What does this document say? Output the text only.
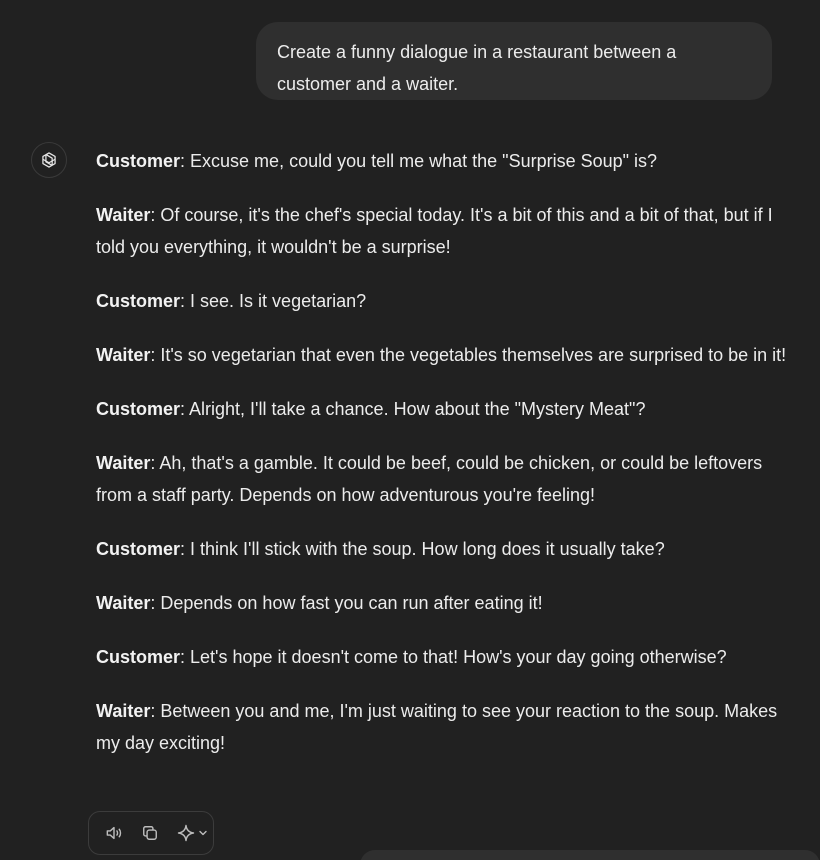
Create a funny dialogue in a restaurant between a
customer and a waiter.

Customer: Excuse me, could you tell me what the "Surprise Soup" is?

Waiter: Of course, it's the chef's special today. It's a bit of this and a bit of that, but if I told you everything, it wouldn't be a surprise!

Customer: I see. Is it vegetarian?

Waiter: It's so vegetarian that even the vegetables themselves are surprised to be in it!

Customer: Alright, I'll take a chance. How about the "Mystery Meat"?

Waiter: Ah, that's a gamble. It could be beef, could be chicken, or could be leftovers from a staff party. Depends on how adventurous you're feeling!

Customer: I think I'll stick with the soup. How long does it usually take?

Waiter: Depends on how fast you can run after eating it!

Customer: Let's hope it doesn't come to that! How's your day going otherwise?

Waiter: Between you and me, I'm just waiting to see your reaction to the soup. Makes my day exciting!
